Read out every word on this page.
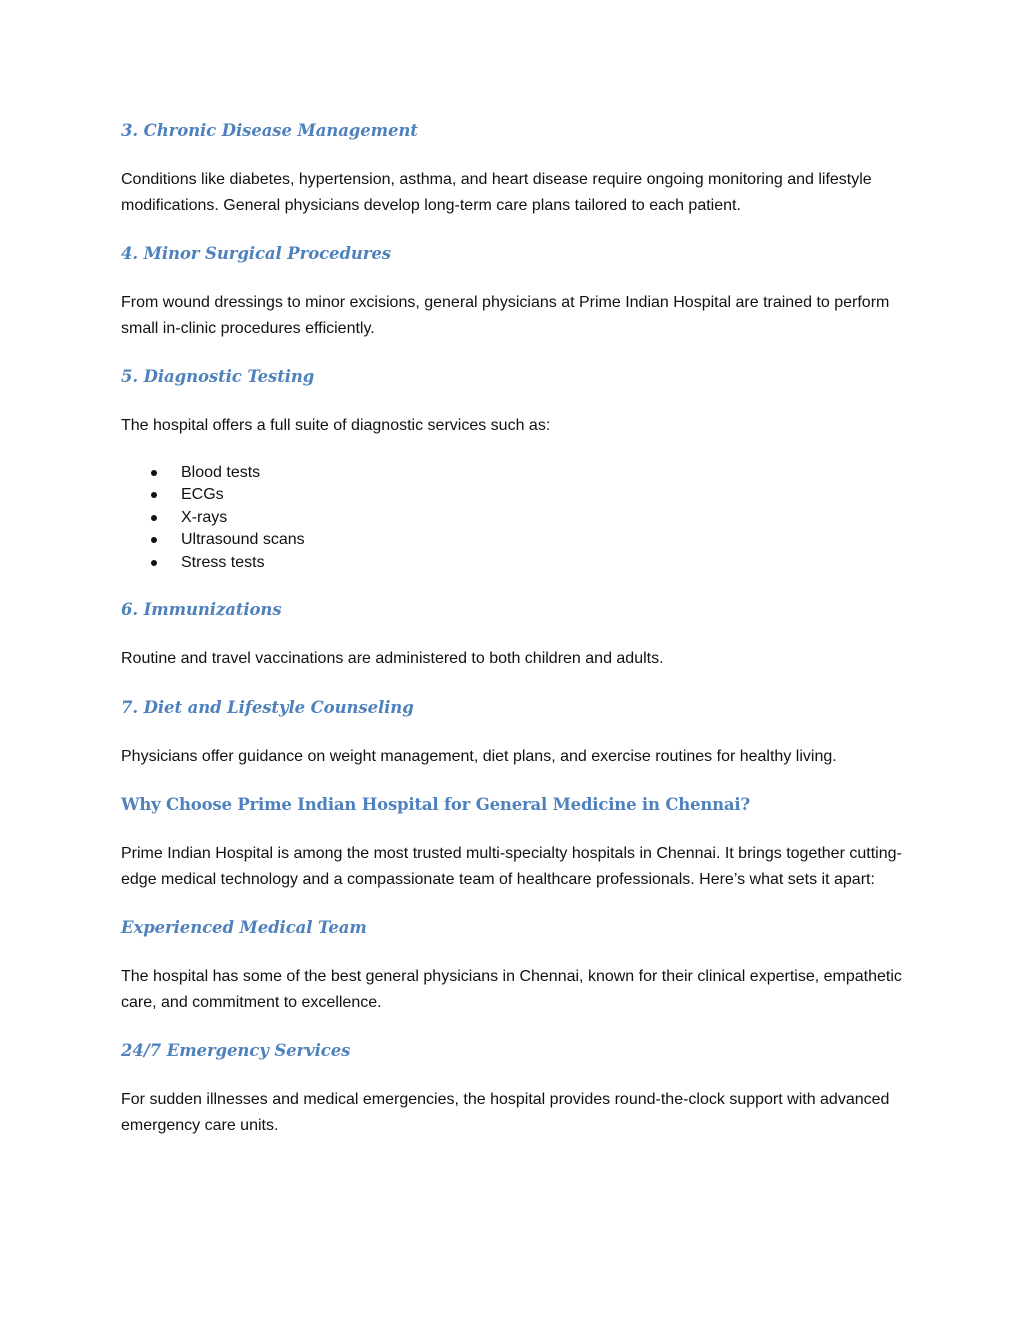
3. Chronic Disease Management

Conditions like diabetes, hypertension, asthma, and heart disease require ongoing monitoring and lifestyle modifications. General physicians develop long-term care plans tailored to each patient.

4. Minor Surgical Procedures

From wound dressings to minor excisions, general physicians at Prime Indian Hospital are trained to perform small in-clinic procedures efficiently.

5. Diagnostic Testing

The hospital offers a full suite of diagnostic services such as:

Blood tests
ECGs
X-rays
Ultrasound scans
Stress tests
6. Immunizations

Routine and travel vaccinations are administered to both children and adults.

7. Diet and Lifestyle Counseling

Physicians offer guidance on weight management, diet plans, and exercise routines for healthy living.

Why Choose Prime Indian Hospital for General Medicine in Chennai?

Prime Indian Hospital is among the most trusted multi-specialty hospitals in Chennai. It brings together cutting-edge medical technology and a compassionate team of healthcare professionals. Here’s what sets it apart:

Experienced Medical Team

The hospital has some of the best general physicians in Chennai, known for their clinical expertise, empathetic care, and commitment to excellence.

24/7 Emergency Services

For sudden illnesses and medical emergencies, the hospital provides round-the-clock support with advanced emergency care units.
